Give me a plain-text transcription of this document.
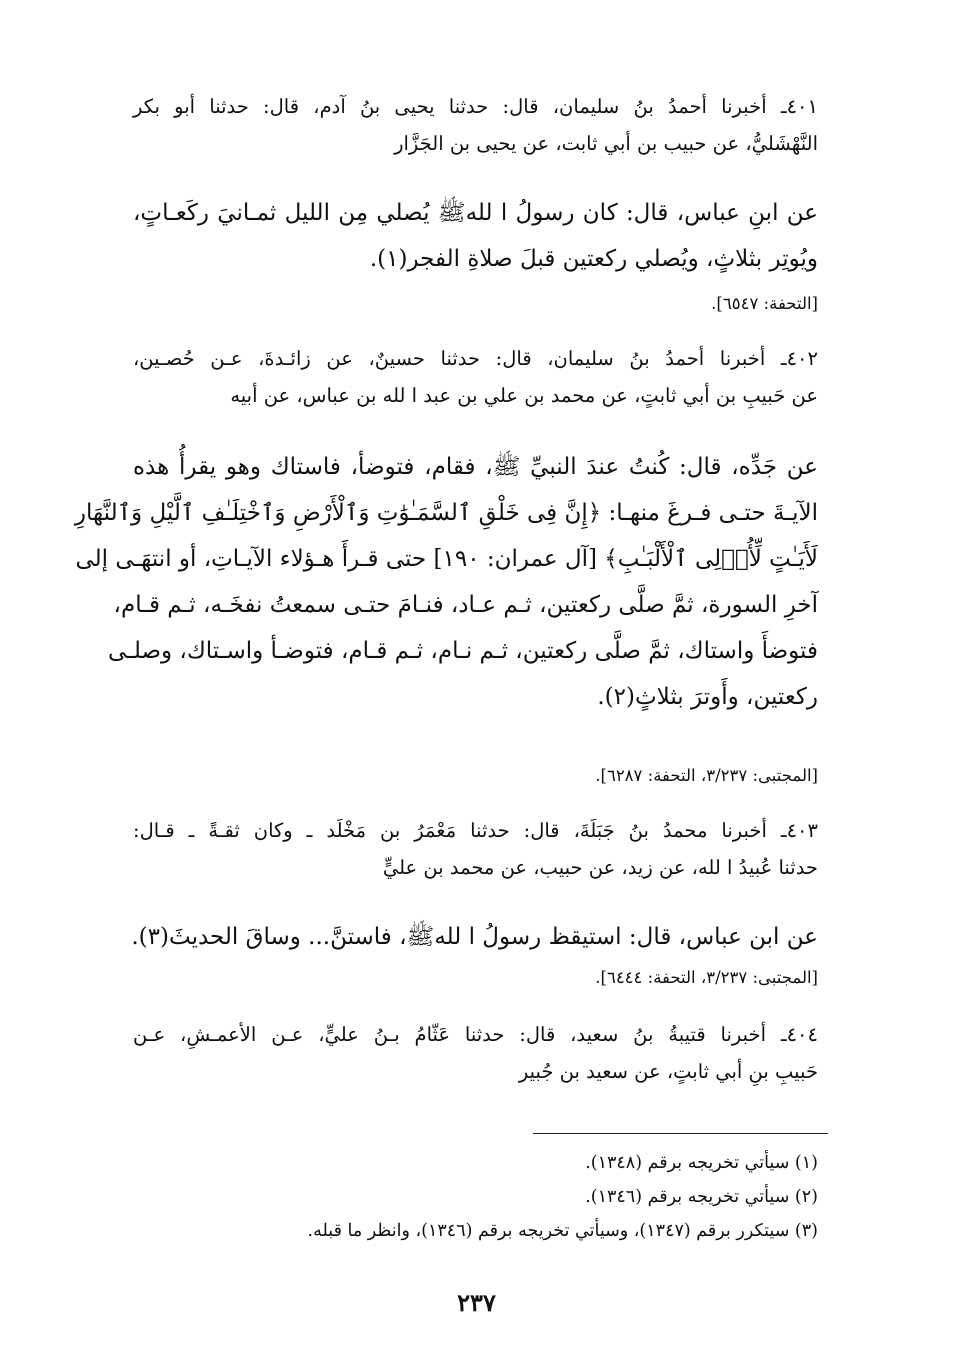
٤٠١ـ أخبرنا أحمدُ بنُ سليمان، قال: حدثنا يحيى بنُ آدم، قال: حدثنا أبو بكر
النَّهْشَليُّ، عن حبيب بن أبي ثابت، عن يحيى بن الجَزَّار
عن ابنِ عباس، قال: كان رسولُ ا للهﷺ يُصلي مِن الليل ثمـانيَ ركَعـاتٍ،
ويُوتِر بثلاثٍ، ويُصلي ركعتين قبلَ صلاةِ الفجر(١).
[التحفة: ٦٥٤٧].
٤٠٢ـ أخبرنا أحمدُ بنُ سليمان، قال: حدثنا حسينٌ، عن زائـدةَ، عـن حُصـين،
عن حَبيبِ بن أبي ثابتٍ، عن محمد بن علي بن عبد ا لله بن عباس، عن أبيه
عن جَدِّه، قال: كُنتُ عندَ النبيِّ ﷺ، فقام، فتوضأ، فاستاك وهو يقرأُ هذه
الآيـةَ حتـى فـرغَ منهـا: ﴿إِنَّ فِى خَلْقِ ٱلسَّمَـٰوَٰتِ وَٱلْأَرْضِ وَٱخْتِلَـٰفِ ٱلَّيْلِ وَٱلنَّهَارِ
لَأَيَـٰتٍ لِّأُو۟لِى ٱلْأَلْبَـٰبِ﴾ [آل عمران: ١٩٠] حتى قـرأَ هـؤلاء الآيـاتِ، أو انتهَـى إلى
آخرِ السورة، ثمَّ صلَّى ركعتين، ثـم عـاد، فنـامَ حتـى سمعتُ نفخَـه، ثـم قـام،
فتوضأَ واستاك، ثمَّ صلَّى ركعتين، ثـم نـام، ثـم قـام، فتوضـأ واسـتاك، وصلـى
ركعتين، وأَوترَ بثلاثٍ(٢).
[المجتبى: ٣/٢٣٧، التحفة: ٦٢٨٧].
٤٠٣ـ أخبرنا محمدُ بنُ جَبَلَةَ، قال: حدثنا مَعْمَرُ بن مَخْلَد ـ وكان ثقـةً ـ قـال:
حدثنا عُبيدُ ا لله، عن زيد، عن حبيب، عن محمد بن عليٍّ
عن ابن عباس، قال: استيقظ رسولُ ا للهﷺ، فاستنَّ... وساقَ الحديثَ(٣).
[المجتبى: ٣/٢٣٧، التحفة: ٦٤٤٤].
٤٠٤ـ أخبرنا قتيبةُ بنُ سعيد، قال: حدثنا عَثّامُ بـنُ عليٍّ، عـن الأعمـشِ، عـن
حَبيبِ بنِ أبي ثابتٍ، عن سعيد بن جُبير
(١) سيأتي تخريجه برقم (١٣٤٨).
(٢) سيأتي تخريجه برقم (١٣٤٦).
(٣) سيتكرر برقم (١٣٤٧)، وسيأتي تخريجه برقم (١٣٤٦)، وانظر ما قبله.
٢٣٧
